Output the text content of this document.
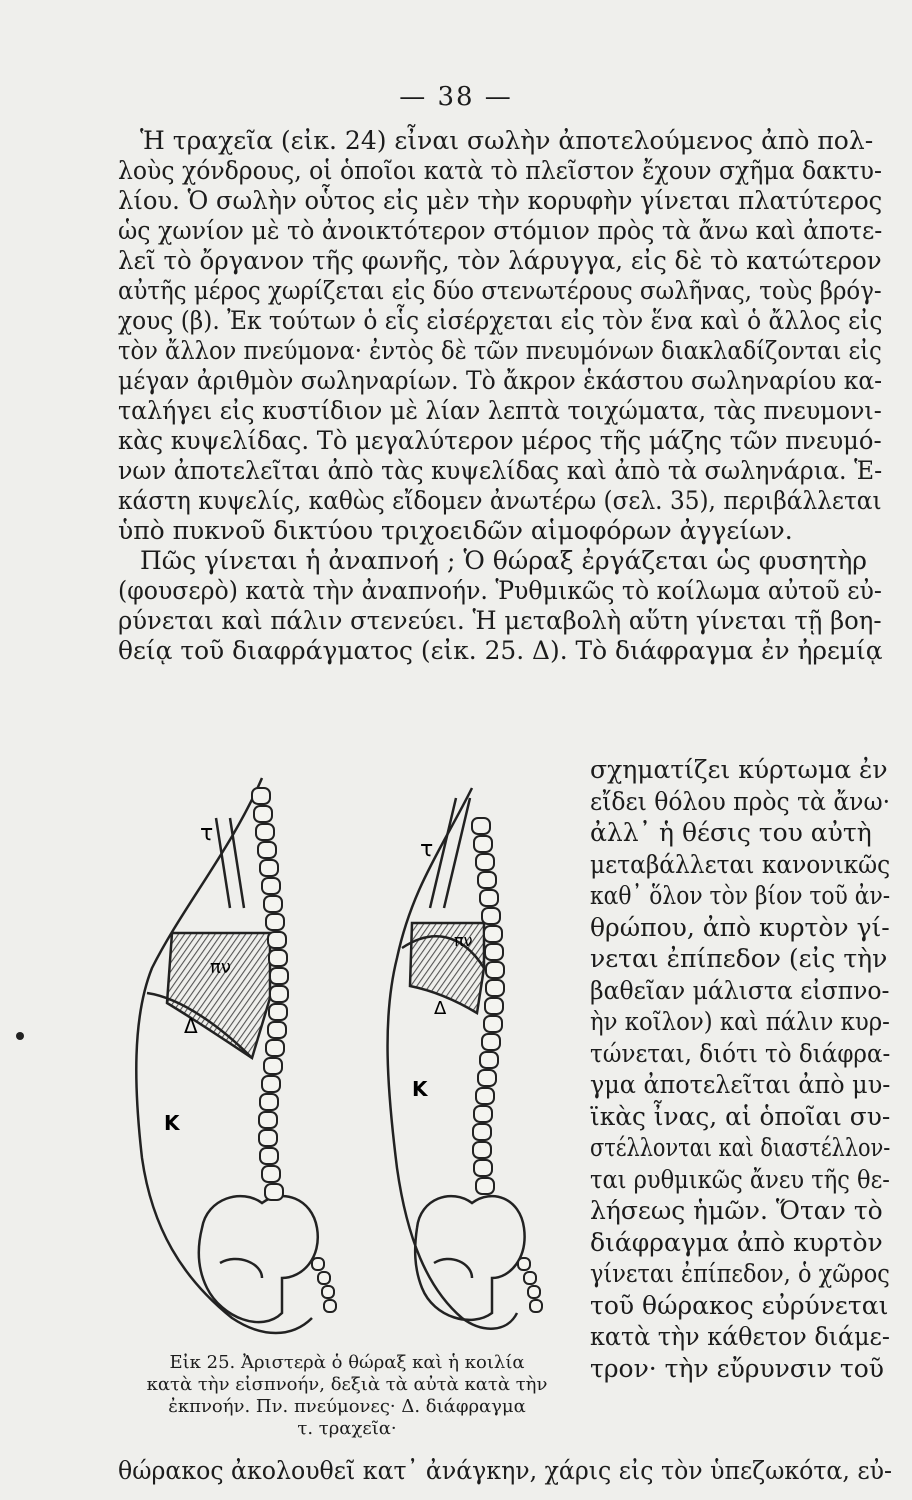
— 38 —
Ἡ τραχεῖα (εἰκ. 24) εἶναι σωλὴν ἀποτελούμενος ἀπὸ πολ-
λοὺς χόνδρους, οἱ ὁποῖοι κατὰ τὸ πλεῖστον ἔχουν σχῆμα δακτυ-
λίου. Ὁ σωλὴν οὗτος εἰς μὲν τὴν κορυφὴν γίνεται πλατύτερος
ὡς χωνίον μὲ τὸ ἀνοικτότερον στόμιον πρὸς τὰ ἄνω καὶ ἀποτε-
λεῖ τὸ ὄργανον τῆς φωνῆς, τὸν λάρυγγα, εἰς δὲ τὸ κατώτερον
αὐτῆς μέρος χωρίζεται εἰς δύο στενωτέρους σωλῆνας, τοὺς βρόγ-
χους (β). Ἐκ τούτων ὁ εἷς εἰσέρχεται εἰς τὸν ἕνα καὶ ὁ ἄλλος εἰς
τὸν ἄλλον πνεύμονα· ἐντὸς δὲ τῶν πνευμόνων διακλαδίζονται εἰς
μέγαν ἀριθμὸν σωληναρίων. Τὸ ἄκρον ἑκάστου σωληναρίου κα-
ταλήγει εἰς κυστίδιον μὲ λίαν λεπτὰ τοιχώματα, τὰς πνευμονι-
κὰς κυψελίδας. Τὸ μεγαλύτερον μέρος τῆς μάζης τῶν πνευμό-
νων ἀποτελεῖται ἀπὸ τὰς κυψελίδας καὶ ἀπὸ τὰ σωληνάρια. Ἑ-
κάστη κυψελίς, καθὼς εἴδομεν ἀνωτέρω (σελ. 35), περιβάλλεται
ὑπὸ πυκνοῦ δικτύου τριχοειδῶν αἱμοφόρων ἀγγείων.
Πῶς γίνεται ἡ ἀναπνοή ; Ὁ θώραξ ἐργάζεται ὡς φυσητὴρ
(φουσερὸ) κατὰ τὴν ἀναπνοήν. Ῥυθμικῶς τὸ κοίλωμα αὐτοῦ εὐ-
ρύνεται καὶ πάλιν στενεύει. Ἡ μεταβολὴ αὕτη γίνεται τῇ βοη-
θείᾳ τοῦ διαφράγματος (εἰκ. 25. Δ). Τὸ διάφραγμα ἐν ἠρεμίᾳ
σχηματίζει κύρτωμα ἐν
εἴδει θόλου πρὸς τὰ ἄνω·
ἀλλ᾿ ἡ θέσις του αὐτὴ
μεταβάλλεται κανονικῶς
καθ᾿ ὅλον τὸν βίον τοῦ ἀν-
θρώπου, ἀπὸ κυρτὸν γί-
νεται ἐπίπεδον (εἰς τὴν
βαθεῖαν μάλιστα εἰσπνο-
ὴν κοῖλον) καὶ πάλιν κυρ-
τώνεται, διότι τὸ διάφρα-
γμα ἀποτελεῖται ἀπὸ μυ-
ϊκὰς ἶνας, αἱ ὁποῖαι συ-
στέλλονται καὶ διαστέλλον-
ται ρυθμικῶς ἄνευ τῆς θε-
λήσεως ἡμῶν. Ὅταν τὸ
διάφραγμα ἀπὸ κυρτὸν
γίνεται ἐπίπεδον, ὁ χῶρος
τοῦ θώρακος εὐρύνεται
κατὰ τὴν κάθετον διάμε-
τρον· τὴν εὔρυνσιν τοῦ
τ
πν
Δ
Κ
τ
πν
Δ
Κ
Εἰκ 25. Ἀριστερὰ ὁ θώραξ καὶ ἡ κοιλία
κατὰ τὴν εἰσπνοήν, δεξιὰ τὰ αὐτὰ κατὰ τὴν
ἐκπνοήν. Πν. πνεύμονες· Δ. διάφραγμα
τ. τραχεῖα·
θώρακος ἀκολουθεῖ κατ᾿ ἀνάγκην, χάρις εἰς τὸν ὑπεζωκότα, εὐ-
